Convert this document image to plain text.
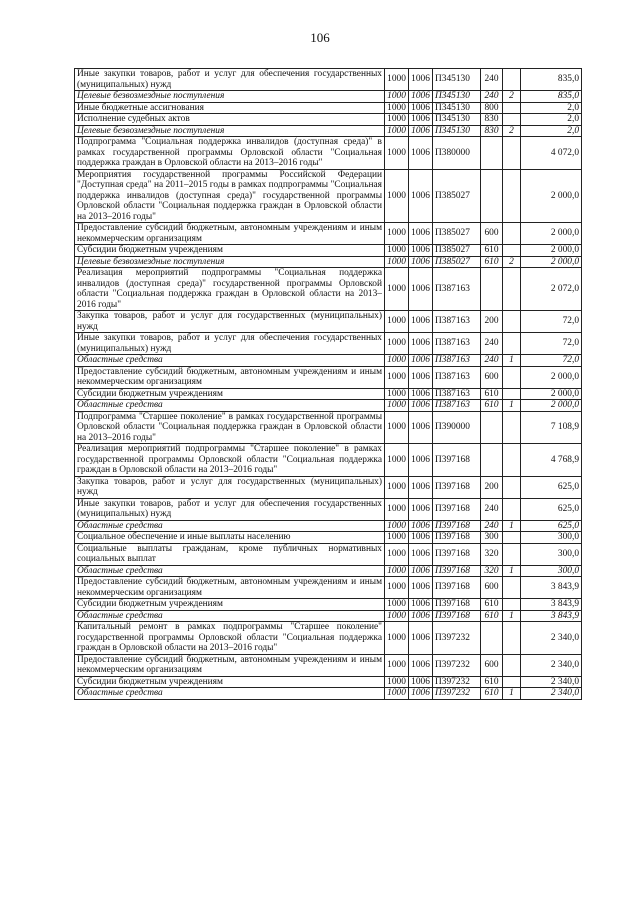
106
Иные закупки товаров, работ и услуг для обеспечения государственных (муниципальных) нужд	1000	1006	П345130	240		835,0
Целевые безвозмездные поступления	1000	1006	П345130	240	2	835,0
Иные бюджетные ассигнования	1000	1006	П345130	800		2,0
Исполнение судебных актов	1000	1006	П345130	830		2,0
Целевые безвозмездные поступления	1000	1006	П345130	830	2	2,0
Подпрограмма "Социальная поддержка инвалидов (доступная среда)" в рамках государственной программы Орловской области "Социальная поддержка граждан в Орловской области на 2013–2016 годы"	1000	1006	П380000			4 072,0
Мероприятия государственной программы Российской Федерации "Доступная среда" на 2011–2015 годы в рамках подпрограммы "Социальная поддержка инвалидов (доступная среда)" государственной программы Орловской области "Социальная поддержка граждан в Орловской области на 2013–2016 годы"	1000	1006	П385027			2 000,0
Предоставление субсидий бюджетным, автономным учреждениям и иным некоммерческим организациям	1000	1006	П385027	600		2 000,0
Субсидии бюджетным учреждениям	1000	1006	П385027	610		2 000,0
Целевые безвозмездные поступления	1000	1006	П385027	610	2	2 000,0
Реализация мероприятий подпрограммы "Социальная поддержка инвалидов (доступная среда)" государственной программы Орловской области "Социальная поддержка граждан в Орловской области на 2013–2016 годы"	1000	1006	П387163			2 072,0
Закупка товаров, работ и услуг для государственных (муниципальных) нужд	1000	1006	П387163	200		72,0
Иные закупки товаров, работ и услуг для обеспечения государственных (муниципальных) нужд	1000	1006	П387163	240		72,0
Областные средства	1000	1006	П387163	240	1	72,0
Предоставление субсидий бюджетным, автономным учреждениям и иным некоммерческим организациям	1000	1006	П387163	600		2 000,0
Субсидии бюджетным учреждениям	1000	1006	П387163	610		2 000,0
Областные средства	1000	1006	П387163	610	1	2 000,0
Подпрограмма "Старшее поколение" в рамках государственной программы Орловской области "Социальная поддержка граждан в Орловской области на 2013–2016 годы"	1000	1006	П390000			7 108,9
Реализация мероприятий подпрограммы "Старшее поколение" в рамках государственной программы Орловской области "Социальная поддержка граждан в Орловской области на 2013–2016 годы"	1000	1006	П397168			4 768,9
Закупка товаров, работ и услуг для государственных (муниципальных) нужд	1000	1006	П397168	200		625,0
Иные закупки товаров, работ и услуг для обеспечения государственных (муниципальных) нужд	1000	1006	П397168	240		625,0
Областные средства	1000	1006	П397168	240	1	625,0
Социальное обеспечение и иные выплаты населению	1000	1006	П397168	300		300,0
Социальные выплаты гражданам, кроме публичных нормативных социальных выплат	1000	1006	П397168	320		300,0
Областные средства	1000	1006	П397168	320	1	300,0
Предоставление субсидий бюджетным, автономным учреждениям и иным некоммерческим организациям	1000	1006	П397168	600		3 843,9
Субсидии бюджетным учреждениям	1000	1006	П397168	610		3 843,9
Областные средства	1000	1006	П397168	610	1	3 843,9
Капитальный ремонт в рамках подпрограммы "Старшее поколение" государственной программы Орловской области "Социальная поддержка граждан в Орловской области на 2013–2016 годы"	1000	1006	П397232			2 340,0
Предоставление субсидий бюджетным, автономным учреждениям и иным некоммерческим организациям	1000	1006	П397232	600		2 340,0
Субсидии бюджетным учреждениям	1000	1006	П397232	610		2 340,0
Областные средства	1000	1006	П397232	610	1	2 340,0
